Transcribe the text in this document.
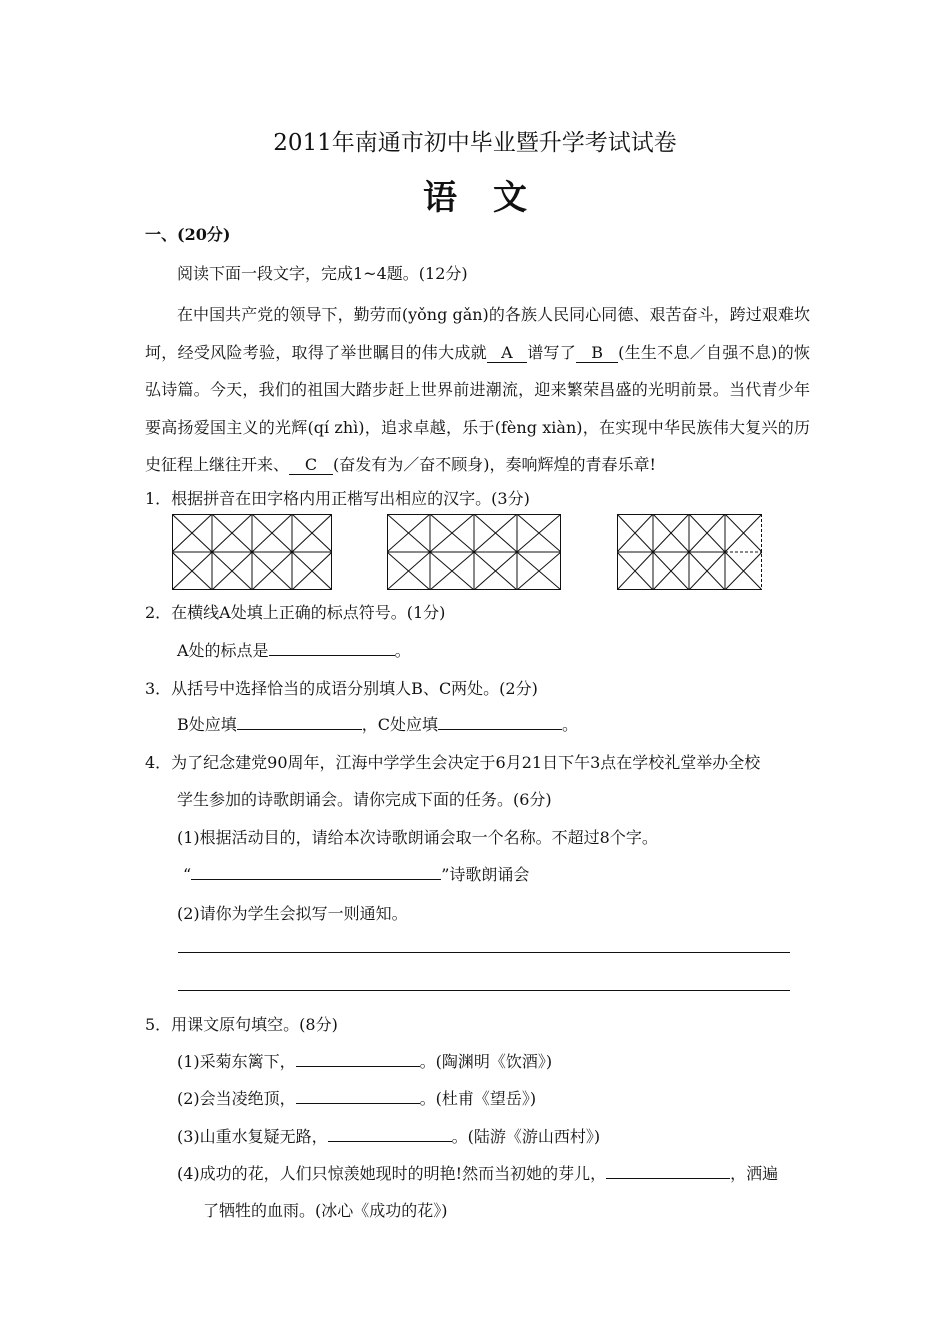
2011年南通市初中毕业暨升学考试试卷
语文
一、(20分)
阅读下面一段文字，完成1~4题。(12分)
在中国共产党的领导下，勤劳而(yǒng gǎn)的各族人民同心同德、艰苦奋斗，跨过艰难坎坷，经受风险考验，取得了举世瞩目的伟大成就 A 谱写了 B (生生不息／自强不息)的恢弘诗篇。今天，我们的祖国大踏步赶上世界前进潮流，迎来繁荣昌盛的光明前景。当代青少年要高扬爱国主义的光辉(qí zhì)，追求卓越，乐于(fèng xiàn)，在实现中华民族伟大复兴的历史征程上继往开来、 C (奋发有为／奋不顾身)，奏响辉煌的青春乐章!
1．根据拼音在田字格内用正楷写出相应的汉字。(3分)
2．在横线A处填上正确的标点符号。(1分)
A处的标点是	。
3．从括号中选择恰当的成语分别填人B、C两处。(2分)
B处应填	，C处应填	。
4．为了纪念建党90周年，江海中学学生会决定于6月21日下午3点在学校礼堂举办全校
学生参加的诗歌朗诵会。请你完成下面的任务。(6分)
(1)根据活动目的，请给本次诗歌朗诵会取一个名称。不超过8个字。
“	”诗歌朗诵会
(2)请你为学生会拟写一则通知。
5．用课文原句填空。(8分)
(1)采菊东篱下，	。(陶渊明《饮酒》)
(2)会当凌绝顶，	。(杜甫《望岳》)
(3)山重水复疑无路，	。(陆游《游山西村》)
(4)成功的花，人们只惊羡她现时的明艳!然而当初她的芽儿，	，洒遍
了牺牲的血雨。(冰心《成功的花》)
